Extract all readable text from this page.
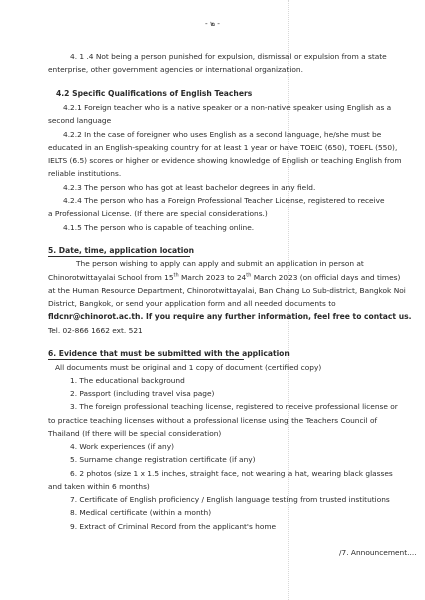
- ๒ -
4. 1 .4 Not being a person punished for expulsion, dismissal or expulsion from a state
enterprise, other government agencies or international organization.
4.2 Specific Qualifications of English Teachers
4.2.1 Foreign teacher who is a native speaker or a non-native speaker using English as a
second language
4.2.2 In the case of foreigner who uses English as a second language, he/she must be
educated in an English-speaking country for at least 1 year or have TOEIC (650), TOEFL (550),
IELTS (6.5) scores or higher or evidence showing knowledge of English or teaching English from
reliable institutions.
4.2.3 The person who has got at least bachelor degrees in any field.
4.2.4 The person who has a Foreign Professional Teacher License, registered to receive
a Professional License. (If there are special considerations.)
4.1.5 The person who is capable of teaching online.
5. Date, time, application location
The person wishing to apply can apply and submit an application in person at
Chinorotwittayalai School from 15th March 2023 to 24th March 2023 (on official days and times)
at the Human Resource Department, Chinorotwittayalai, Ban Chang Lo Sub-district, Bangkok Noi
District, Bangkok, or send your application form and all needed documents to
fldcnr@chinorot.ac.th. If you require any further information, feel free to contact us.
Tel. 02-866 1662 ext. 521
6. Evidence that must be submitted with the application
All documents must be original and 1 copy of document (certified copy)
1. The educational background
2. Passport (including travel visa page)
3. The foreign professional teaching license, registered to receive professional license or
to practice teaching licenses without a professional license using the Teachers Council of
Thailand (If there will be special consideration)
4. Work experiences (if any)
5. Surname change registration certificate (if any)
6. 2 photos (size 1 x 1.5 inches, straight face, not wearing a hat, wearing black glasses
and taken within 6 months)
7. Certificate of English proficiency / English language testing from trusted institutions
8. Medical certificate (within a month)
9. Extract of Criminal Record from the applicant's home
/7. Announcement....
